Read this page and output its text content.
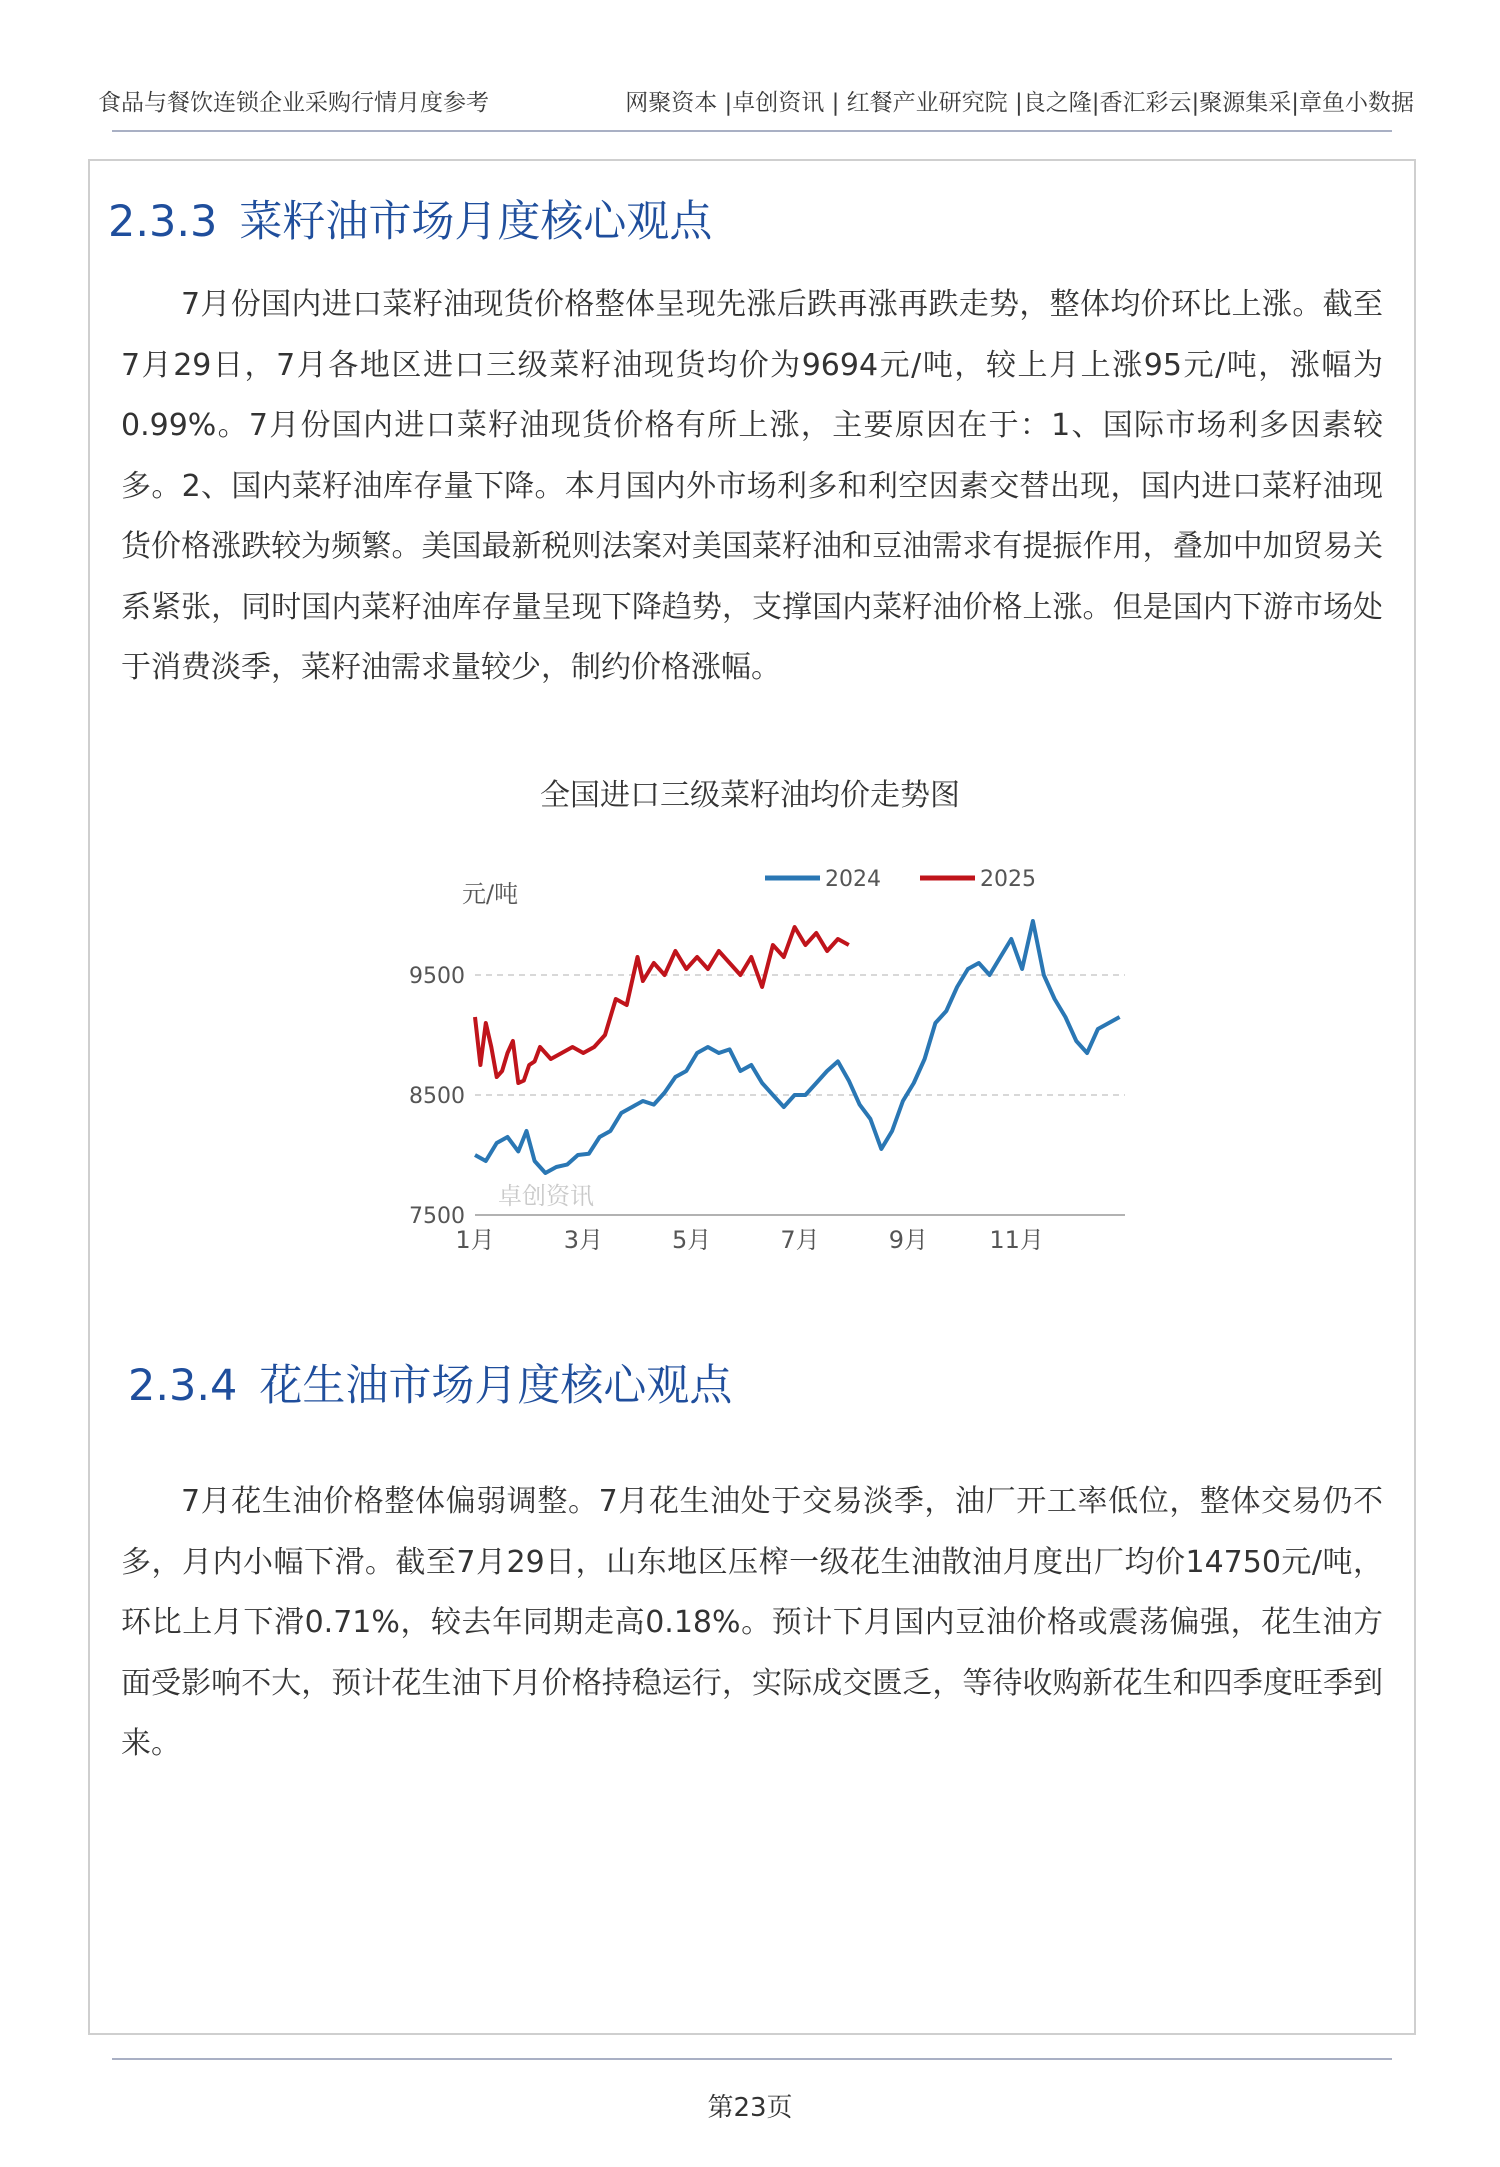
食品与餐饮连锁企业采购行情月度参考	网聚资本 |卓创资讯 | 红餐产业研究院 |良之隆|香汇彩云|聚源集采|章鱼小数据
2.3.3 菜籽油市场月度核心观点

7月份国内进口菜籽油现货价格整体呈现先涨后跌再涨再跌走势，整体均价环比上涨。截至7月29日，7月各地区进口三级菜籽油现货均价为9694元/吨，较上月上涨95元/吨，涨幅为0.99%。7月份国内进口菜籽油现货价格有所上涨，主要原因在于：1、国际市场利多因素较多。2、国内菜籽油库存量下降。本月国内外市场利多和利空因素交替出现，国内进口菜籽油现货价格涨跌较为频繁。美国最新税则法案对美国菜籽油和豆油需求有提振作用，叠加中加贸易关系紧张，同时国内菜籽油库存量呈现下降趋势，支撑国内菜籽油价格上涨。但是国内下游市场处于消费淡季，菜籽油需求量较少，制约价格涨幅。

全国进口三级菜籽油均价走势图
卓创资讯
7500
8500
9500
1月	3月	5月	7月	9月	11月
元/吨
2024	2025
2.3.4 花生油市场月度核心观点

7月花生油价格整体偏弱调整。7月花生油处于交易淡季，油厂开工率低位，整体交易仍不多，月内小幅下滑。截至7月29日，山东地区压榨一级花生油散油月度出厂均价14750元/吨，环比上月下滑0.71%，较去年同期走高0.18%。预计下月国内豆油价格或震荡偏强，花生油方面受影响不大，预计花生油下月价格持稳运行，实际成交匮乏，等待收购新花生和四季度旺季到来。

第23页
